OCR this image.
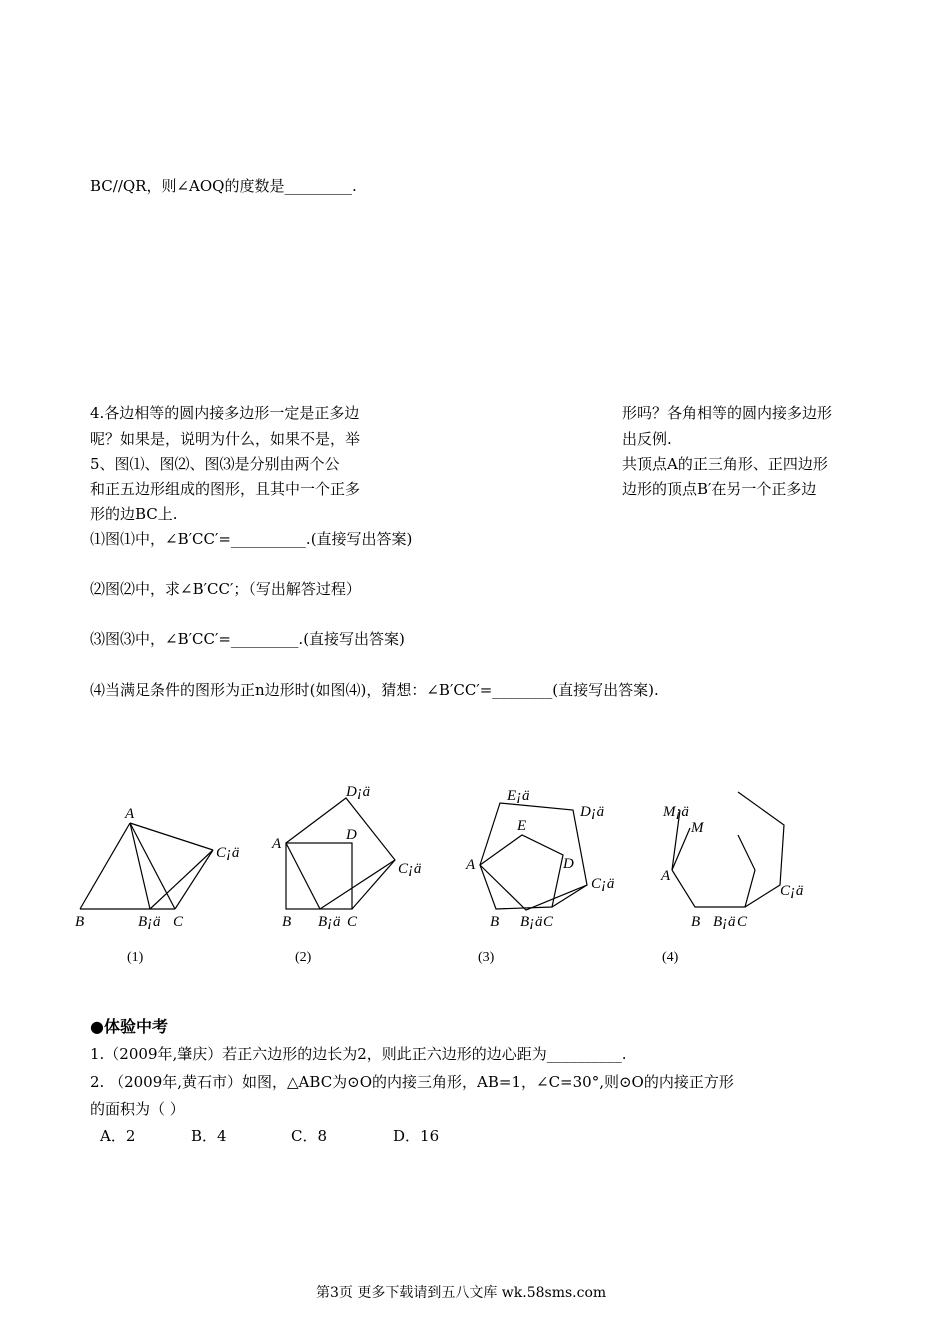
BC//QR，则∠AOQ的度数是_________.
4.各边相等的圆内接多边形一定是正多边	形吗？各角相等的圆内接多边形
呢？如果是，说明为什么，如果不是，举	出反例.
5、图⑴、图⑵、图⑶是分别由两个公	共顶点A的正三角形、正四边形
和正五边形组成的图形，且其中一个正多	边形的顶点B′在另一个正多边
形的边BC上.
⑴图⑴中，∠B′CC′=__________.(直接写出答案)
⑵图⑵中，求∠B′CC′；（写出解答过程）
⑶图⑶中，∠B′CC′=_________.(直接写出答案)
⑷当满足条件的图形为正n边形时(如图⑷)，猜想：∠B′CC′=________(直接写出答案).
A
B	B¡ä C
C¡ä
A
B B¡ä C
D
D¡ä
C¡ä	A
B B¡ä C
D
E
E¡ä
D¡ä
C¡ä
M¡ä
M
A
B B¡ä C
C¡ä
(1)	(2)	(3)	(4)
●体验中考
1.（2009年,肇庆）若正六边形的边长为2，则此正六边形的边心距为__________.
2. （2009年,黄石市）如图，△ABC为⊙O的内接三角形，AB=1，∠C=30°,则⊙O的内接正方形
的面积为（ ）
A．2	B．4	C．8	D．16
第3页 更多下载请到五八文库 wk.58sms.com
